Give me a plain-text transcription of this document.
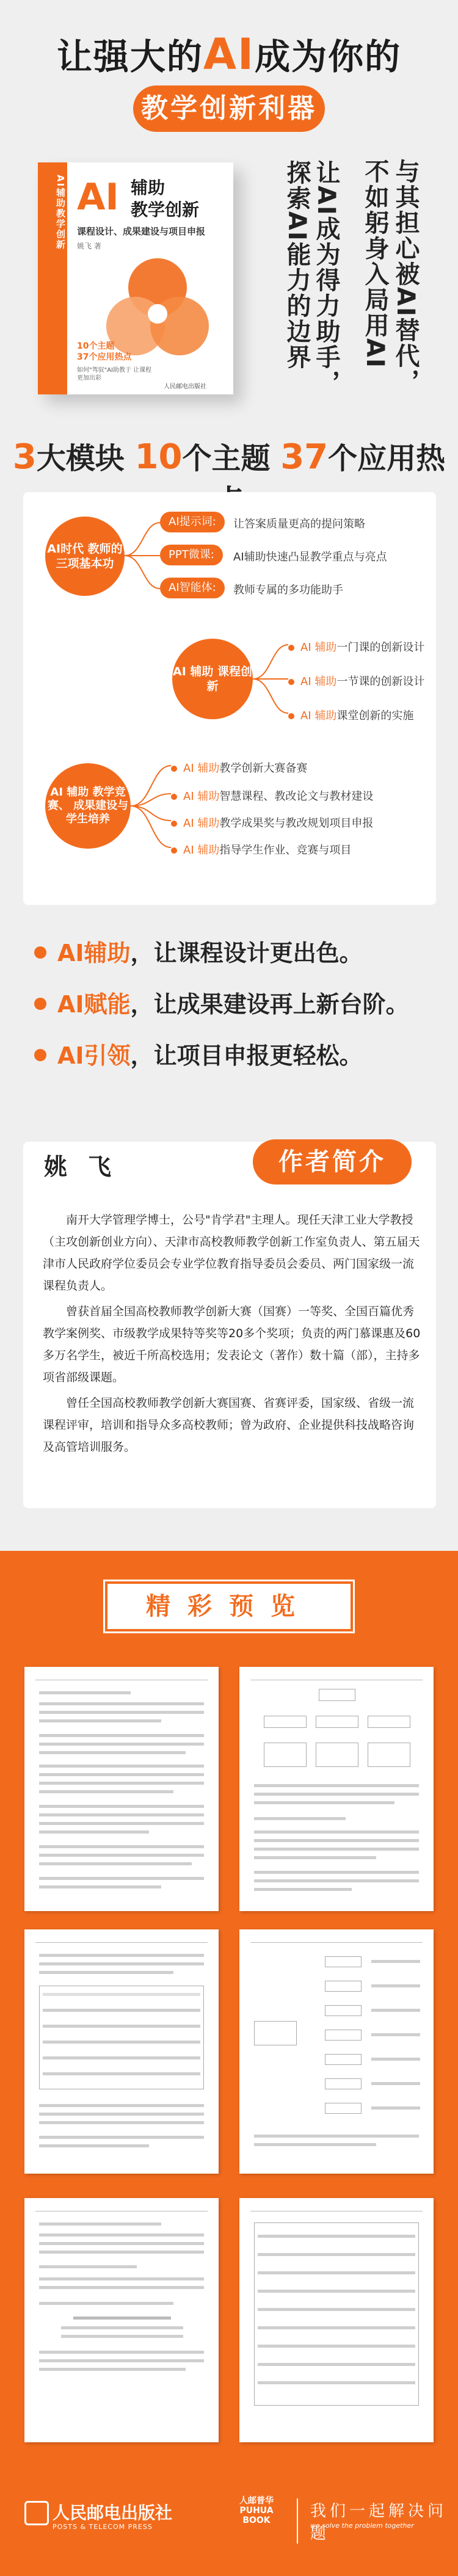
让强大的AI成为你的
教学创新利器
AI辅助教学创新 AI 辅助
教学创新
课程设计、成果建设与项目申报
姚飞 著
10个主题
37个应用热点
如何"驾驭"AI助教于 让课程更加出彩
人民邮电出版社	与其担心被AI替代，
不如躬身入局用AI
让AI成为得力助手，
探索AI能力的边界
3大模块 10个主题 37个应用热
AI时代 教师的 三项基本功
AI提示词:	让答案质量更高的提问策略
PPT微课:	AI辅助快速凸显教学重点与亮点
AI智能体:	教师专属的多功能助手
AI 辅助 课程创新
AI 辅助一门课的创新设计
AI 辅助一节课的创新设计
AI 辅助课堂创新的实施
AI 辅助 教学竞赛、 成果建设与 学生培养
AI 辅助教学创新大赛备赛
AI 辅助智慧课程、教改论文与教材建设
AI 辅助教学成果奖与教改规划项目申报
AI 辅助指导学生作业、竞赛与项目
AI辅助，让课程设计更出色。
AI赋能，让成果建设再上新台阶。
AI引领，让项目申报更轻松。
姚飞	作者简介

南开大学管理学博士，公号"肯学君"主理人。现任天津工业大学教授（主攻创新创业方向）、天津市高校教师教学创新工作室负责人、第五届天津市人民政府学位委员会专业学位教育指导委员会委员、两门国家级一流课程负责人。

曾获首届全国高校教师教学创新大赛（国赛）一等奖、全国百篇优秀教学案例奖、市级教学成果特等奖等20多个奖项；负责的两门慕课惠及60多万名学生，被近千所高校选用；发表论文（著作）数十篇（部），主持多项省部级课题。

曾任全国高校教师教学创新大赛国赛、省赛评委，国家级、省级一流课程评审，培训和指导众多高校教师；曾为政府、企业提供科技战略咨询及高管培训服务。

精彩预览
人民邮电出版社
POSTS & TELECOM PRESS
人邮普华 PUHUA BOOK	我们一起解决问题
we solve the problem together
